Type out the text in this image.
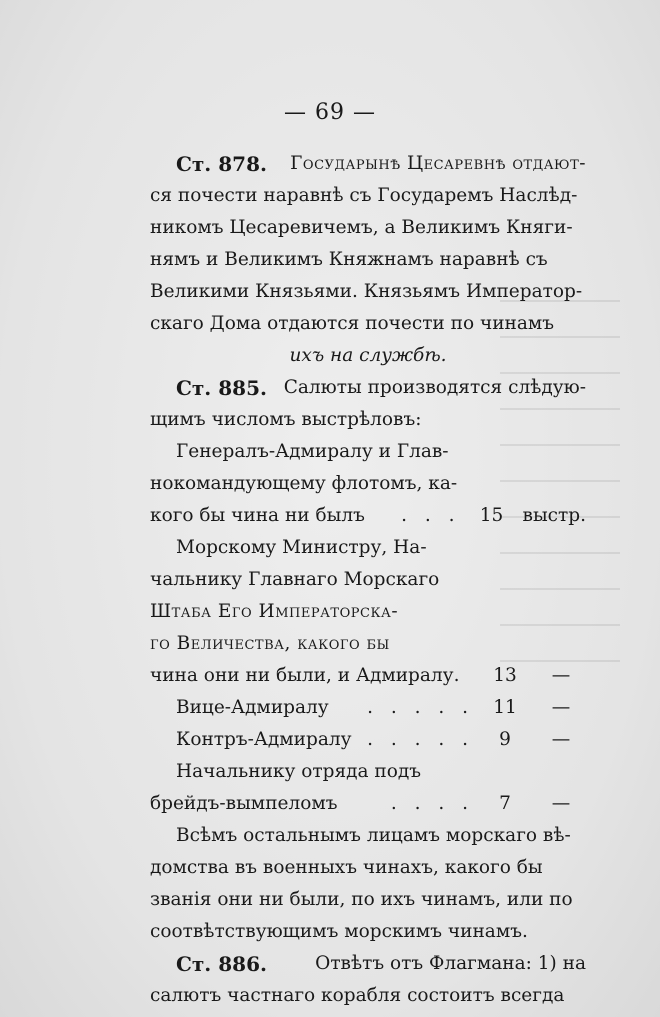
— 69 —
Ст. 878. Государынѣ Цесаревнѣ отдают-
ся почести наравнѣ съ Государемъ Наслѣд-
никомъ Цесаревичемъ, а Великимъ Княги-
нямъ и Великимъ Княжнамъ наравнѣ съ
Великими Князьями. Князьямъ Император-
скаго Дома отдаются почести по чинамъ
ихъ на службѣ.
Ст. 885. Салюты производятся слѣдую-
щимъ числомъ выстрѣловъ:
Генералъ-Адмиралу и Глав-
нокомандующему флотомъ, ка-
кого бы чина ни былъ . . .	15	выстр.
Морскому Министру, На-
чальнику Главнаго Морскаго
Штаба Его Императорска-
го Величества, какого бы
чина они ни были, и Адмиралу.	13	—
Вице-Адмиралу . . . . .	11	—
Контръ-Адмиралу . . . . .	9	—
Начальнику отряда подъ
брейдъ-вымпеломъ	. . . .	7	—
Всѣмъ остальнымъ лицамъ морскаго вѣ-
домства въ военныхъ чинахъ, какого бы
званія они ни были, по ихъ чинамъ, или по
соотвѣтствующимъ морскимъ чинамъ.
Ст. 886.	Отвѣтъ отъ Флагмана: 1) на
салютъ частнаго корабля состоитъ всегда
